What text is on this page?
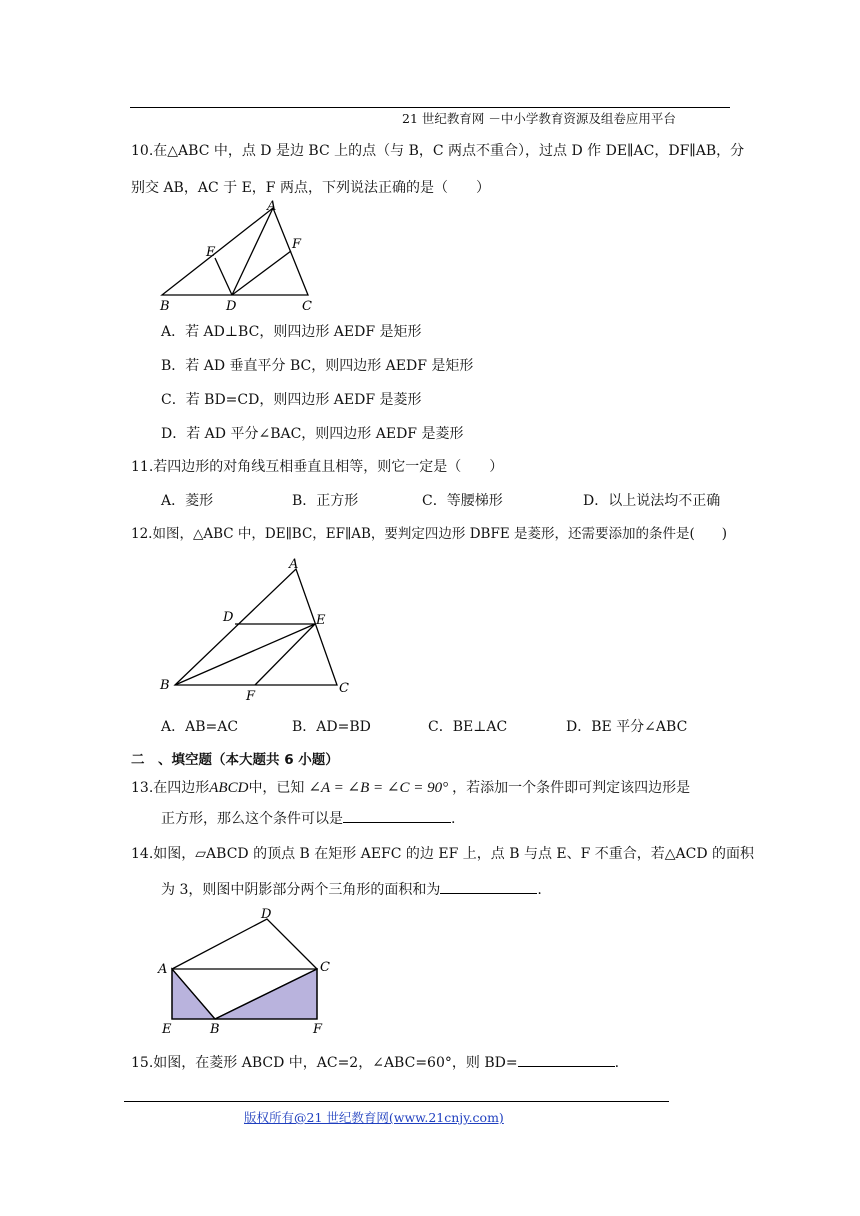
21 世纪教育网 －中小学教育资源及组卷应用平台
10.在△ABC 中，点 D 是边 BC 上的点（与 B，C 两点不重合），过点 D 作 DE∥AC，DF∥AB，分
别交 AB，AC 于 E，F 两点，下列说法正确的是（　　）
A
B	C
D
E
F
A．若 AD⊥BC，则四边形 AEDF 是矩形
B．若 AD 垂直平分 BC，则四边形 AEDF 是矩形
C．若 BD=CD，则四边形 AEDF 是菱形
D．若 AD 平分∠BAC，则四边形 AEDF 是菱形
11.若四边形的对角线互相垂直且相等，则它一定是（　　）
A．菱形	B．正方形	C．等腰梯形	D．以上说法均不正确
12.如图，△ABC 中，DE∥BC，EF∥AB，要判定四边形 DBFE 是菱形，还需要添加的条件是(　　)
A
B	C
D	E
F
A．AB=AC	B．AD=BD	C．BE⊥AC	D．BE 平分∠ABC
二　、填空题（本大题共 6 小题）
13.在四边形ABCD中，已知 ∠A = ∠B = ∠C = 90° ，若添加一个条件即可判定该四边形是
正方形，那么这个条件可以是	.
14.如图，▱ABCD 的顶点 B 在矩形 AEFC 的边 EF 上，点 B 与点 E、F 不重合，若△ACD 的面积
为 3，则图中阴影部分两个三角形的面积和为	.
D
A	C
E	B	F
15.如图，在菱形 ABCD 中，AC=2，∠ABC=60°，则 BD=	.
版权所有@21 世纪教育网(www.21cnjy.com)
